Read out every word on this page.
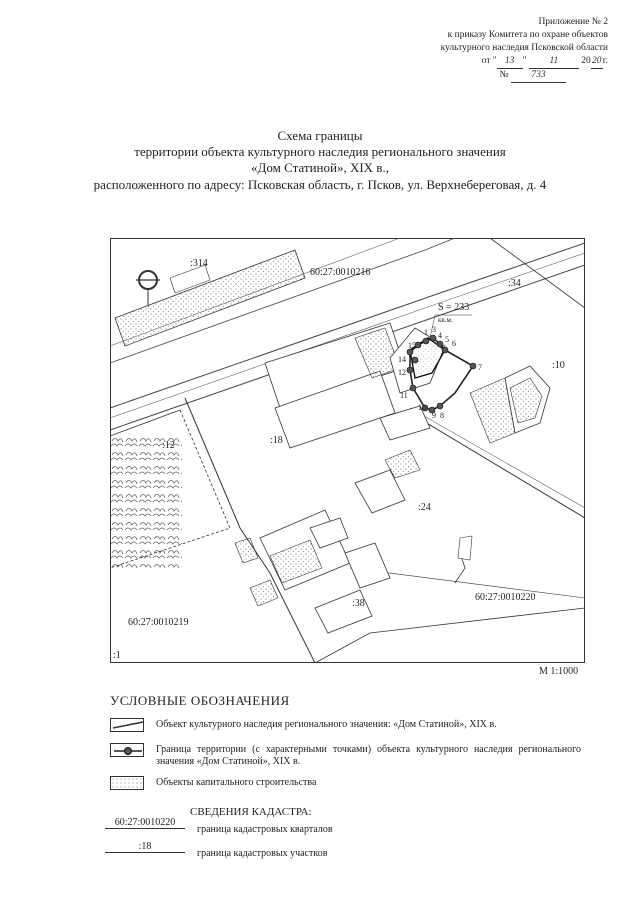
Приложение № 2
к приказу Комитета по охране объектов
культурного наследия Псковской области
от " 13 " 11 2020г.
№ 733
Схема границы
территории объекта культурного наследия регионального значения
«Дом Статиной», XIX в.,
расположенного по адресу: Псковская область, г. Псков, ул. Верхнебереговая, д. 4
:314
60:27:0010216
:34
:10
:12	:18
:24
:38
60:27:0010219
60:27:0010220
:1
S = 233
кв.м.
1 3
4 5 6
7
8
9
10
11
12
14
15
М 1:1000
УСЛОВНЫЕ ОБОЗНАЧЕНИЯ
Объект культурного наследия регионального значения: «Дом Статиной», XIX в.
Граница территории (с характерными точками) объекта культурного наследия регионального значения «Дом Статиной», XIX в.
Объекты капитального строительства
СВЕДЕНИЯ КАДАСТРА:
60:27:0010220
граница кадастровых кварталов
:18
граница кадастровых участков
